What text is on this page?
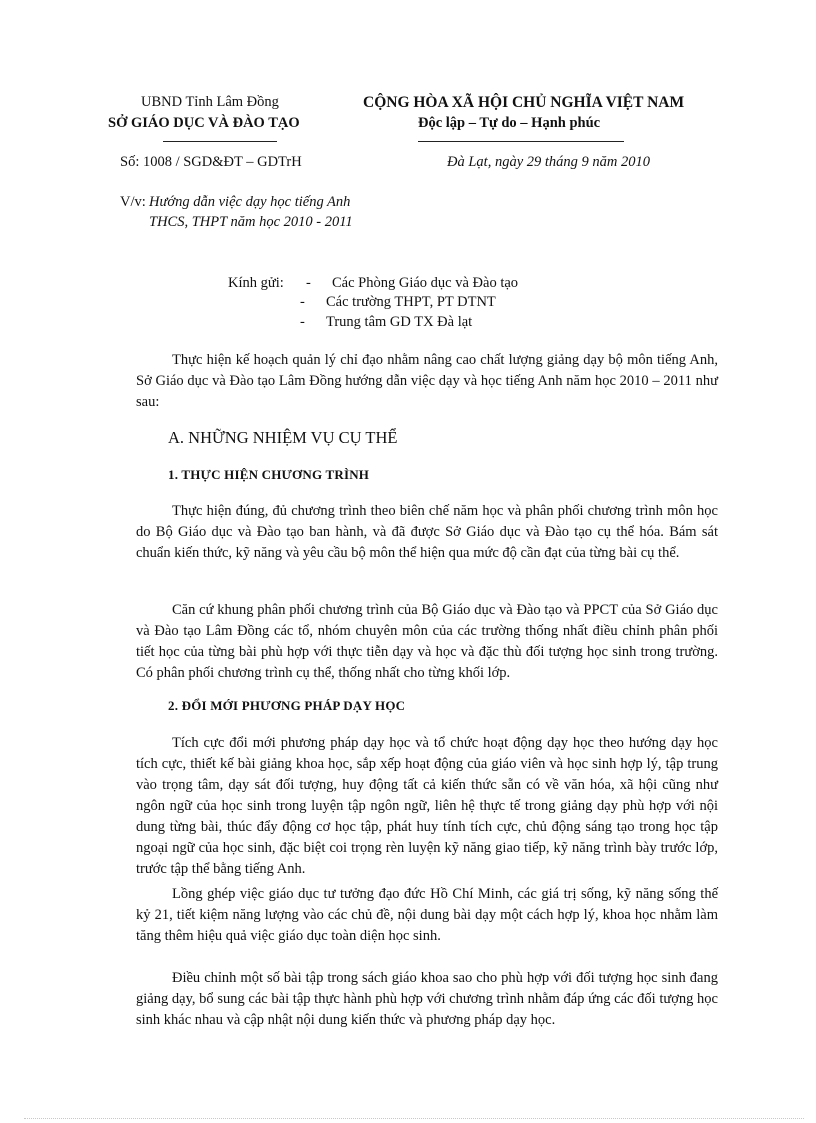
UBND Tỉnh Lâm Đồng
SỞ GIÁO DỤC VÀ ĐÀO TẠO
CỘNG HÒA XÃ HỘI CHỦ NGHĨA VIỆT NAM
Độc lập – Tự do – Hạnh phúc
Số: 1008 / SGD&ĐT – GDTrH	Đà Lạt, ngày 29 tháng 9 năm 2010
V/v: Hướng dẫn việc dạy học tiếng Anh
THCS, THPT năm học 2010 - 2011
Kính gửi: - Các Phòng Giáo dục và Đào tạo
- Các trường THPT, PT DTNT
- Trung tâm GD TX Đà lạt
Thực hiện kế hoạch quản lý chỉ đạo nhằm nâng cao chất lượng giảng dạy bộ môn tiếng Anh, Sở Giáo dục và Đào tạo Lâm Đồng hướng dẫn việc dạy và học tiếng Anh năm học 2010 – 2011 như sau:
A. NHỮNG NHIỆM VỤ CỤ THỂ
1. THỰC HIỆN CHƯƠNG TRÌNH
Thực hiện đúng, đủ chương trình theo biên chế năm học và phân phối chương trình môn học do Bộ Giáo dục và Đào tạo ban hành, và đã được Sở Giáo dục và Đào tạo cụ thể hóa. Bám sát chuẩn kiến thức, kỹ năng và yêu cầu bộ môn thể hiện qua mức độ cần đạt của từng bài cụ thể.
Căn cứ khung phân phối chương trình của Bộ Giáo dục và Đào tạo và PPCT của Sở Giáo dục và Đào tạo Lâm Đồng các tổ, nhóm chuyên môn của các trường thống nhất điều chỉnh phân phối tiết học của từng bài phù hợp với thực tiễn dạy và học và đặc thù đối tượng học sinh trong trường. Có phân phối chương trình cụ thể, thống nhất cho từng khối lớp.
2. ĐỔI MỚI PHƯƠNG PHÁP DẠY HỌC
Tích cực đổi mới phương pháp dạy học và tổ chức hoạt động dạy học theo hướng dạy học tích cực, thiết kế bài giảng khoa học, sắp xếp hoạt động của giáo viên và học sinh hợp lý, tập trung vào trọng tâm, dạy sát đối tượng, huy động tất cả kiến thức sẵn có về văn hóa, xã hội cũng như ngôn ngữ của học sinh trong luyện tập ngôn ngữ, liên hệ thực tế trong giảng dạy phù hợp với nội dung từng bài, thúc đẩy động cơ học tập, phát huy tính tích cực, chủ động sáng tạo trong học tập ngoại ngữ của học sinh, đặc biệt coi trọng rèn luyện kỹ năng giao tiếp, kỹ năng trình bày trước lớp, trước tập thể bằng tiếng Anh.
Lồng ghép việc giáo dục tư tưởng đạo đức Hồ Chí Minh, các giá trị sống, kỹ năng sống thế kỷ 21, tiết kiệm năng lượng vào các chủ đề, nội dung bài dạy một cách hợp lý, khoa học nhằm làm tăng thêm hiệu quả việc giáo dục toàn diện học sinh.
Điều chỉnh một số bài tập trong sách giáo khoa sao cho phù hợp với đối tượng học sinh đang giảng dạy, bổ sung các bài tập thực hành phù hợp với chương trình nhằm đáp ứng các đối tượng học sinh khác nhau và cập nhật nội dung kiến thức và phương pháp dạy học.
